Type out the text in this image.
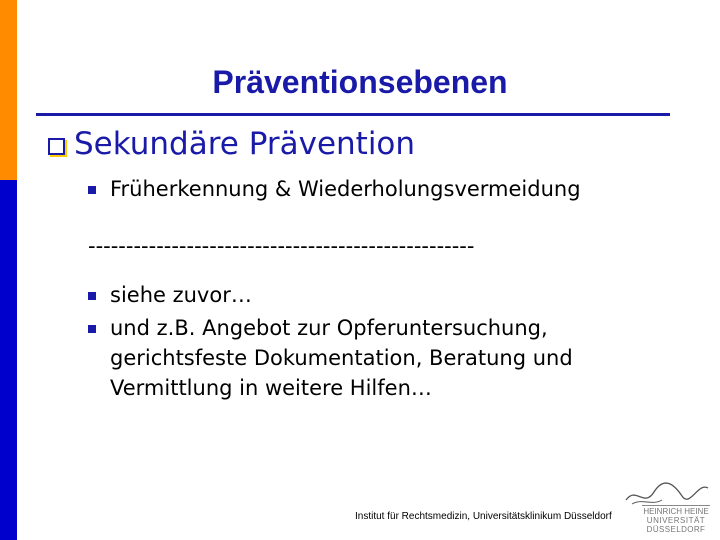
Präventionsebenen
Sekundäre Prävention
Früherkennung & Wiederholungsvermeidung
---------------------------------------------------
siehe zuvor…
und z.B. Angebot zur Opferuntersuchung,
gerichtsfeste Dokumentation, Beratung und
Vermittlung in weitere Hilfen…
Institut für Rechtsmedizin, Universitätsklinikum Düsseldorf	HEINRICH HEINE
UNIVERSITÄT
DÜSSELDORF
